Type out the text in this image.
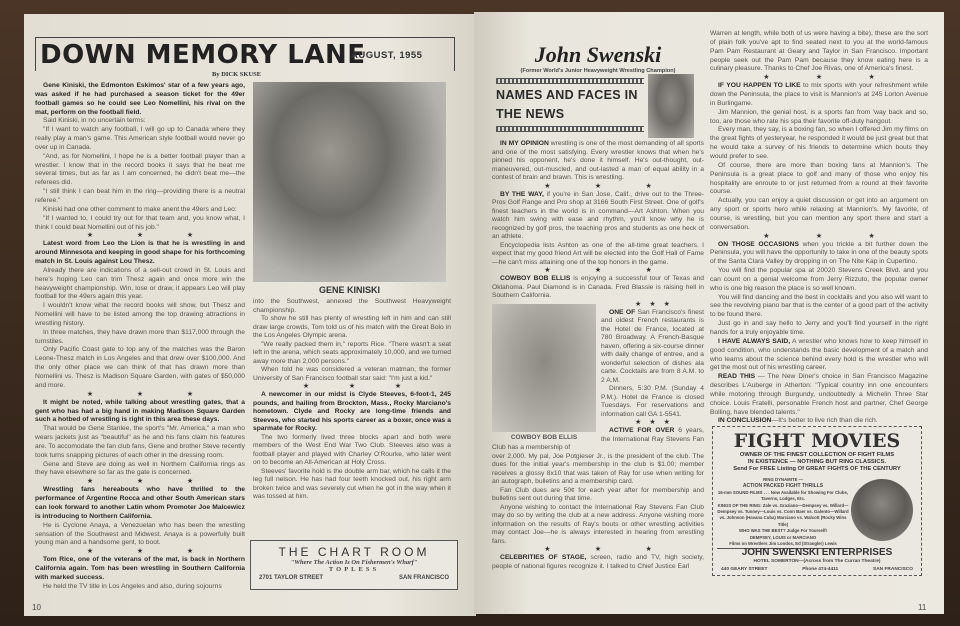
DOWN MEMORY LANE
AUGUST, 1955
By DICK SKUSE

Gene Kiniski, the Edmonton Eskimos' star of a few years ago, was asked if he had purchased a season ticket for the 49er football games so he could see Leo Nomellini, his rival on the mat, perform on the football field.

Said Kiniski, in no uncertain terms:

"If I want to watch any football, I will go up to Canada where they really play a man's game. This American style football would never go over up in Canada.

"And, as for Nomellini, I hope he is a better football player than a wrestler. I know that in the record books it says that he beat me several times, but as far as I am concerned, he didn't beat me—the referees did.

"I still think I can beat him in the ring—providing there is a neutral referee."

Kiniski had one other comment to make anent the 49ers and Leo:

"If I wanted to, I could try out for that team and, you know what, I think I could beat Nomellini out of his job."

★	★	★

Latest word from Leo the Lion is that he is wrestling in and around Minnesota and keeping in good shape for his forthcoming match in St. Louis against Lou Thesz.

Already there are indications of a sell-out crowd in St. Louis and here's hoping Leo can trim Thesz again and once more win the heavyweight championship. Win, lose or draw, it appears Leo will play football for the 49ers again this year.

I wouldn't know what the record books will show, but Thesz and Nomellini will have to be listed among the top drawing attractions in wrestling history.

In three matches, they have drawn more than $117,000 through the turnstiles.

Only Pacific Coast gate to top any of the matches was the Baron Leone-Thesz match in Los Angeles and that drew over $100,000. And the only other place we can think of that has drawn more than Nomellini vs. Thesz is Madison Square Garden, with gates of $50,000 and more.

★	★	★

It might be noted, while talking about wrestling gates, that a gent who has had a big hand in making Madison Square Garden such a hotbed of wrestling is right in this area these days.

That would be Gene Stanlee, the sport's "Mr. America," a man who wears jackets just as "beautiful" as he and his fans claim his features are. To accomodate the fan club fans, Gene and brother Steve recently took turns snapping pictures of each other in the dressing room.

Gene and Steve are doing as well in Northern California rings as they have elsewhere so far as the gate is concerned.

★	★	★

Wrestling fans hereabouts who have thrilled to the performance of Argentine Rocca and other South American stars can look forward to another Latin whom Promoter Joe Malcewicz is introducing to Northern California.

He is Cyclone Anaya, a Venezuelan who has been the wrestling sensation of the Southwest and Midwest. Anaya is a powerfully built young man and a handsome gent, to boot.

★	★	★

Tom Rice, one of the veterans of the mat, is back in Northern California again. Tom has been wrestling in Southern California with marked success.

He held the TV title in Los Angeles and also, during sojourns

GENE KINISKI

into the Southwest, annexed the Southwest Heavyweight championship.

To show he still has plenty of wrestling left in him and can still draw large crowds, Tom told us of his match with the Great Bolo in the Los Angeles Olympic arena.

"We really packed them in," reports Rice. "There wasn't a seat left in the arena, which seats approximately 10,000, and we turned away more than 2,000 persons."

When told he was considered a veteran matman, the former University of San Francisco football star said: "I'm just a kid."

★	★	★

A newcomer in our midst is Clyde Steeves, 6-foot-1, 245 pounds, and hailing from Brockton, Mass., Rocky Marciano's hometown. Clyde and Rocky are long-time friends and Steeves, who started his sports career as a boxer, once was a sparmate for Rocky.

The two formerly lived three blocks apart and both were members of the West End War Two Club. Steeves also was a football player and played with Charley O'Rourke, who later went on to become an All-American at Holy Cross.

Steeves' favorite hold is the double arm bar, which he calls it the leg full nelson. He has had four teeth knocked out, his right arm broken twice and was severely cut when he got in the way when it was tossed at him.

THE CHART ROOM
"Where The Action Is On Fishermen's Wharf"
TOPLESS
2701 TAYLOR STREET	SAN FRANCISCO
10
John Swenski
(Former World's Junior Heavyweight Wrestling Champion)
NAMES AND FACES IN THE NEWS

IN MY OPINION wrestling is one of the most demanding of all sports and one of the most satisfying. Every wrestler knows that when he's pinned his opponent, he's done it himself. He's out-thought, out-maneuvered, out-muscled, and out-lasted a man of equal ability in a contest of brain and brawn. This is wrestling.

★	★	★

BY THE WAY, if you're in San Jose, Calif., drive out to the Three-Pros Golf Range and Pro shop at 3166 South First Street. One of golf's finest teachers in the world is in command—Art Ashton. When you watch him swing with ease and rhythm, you'll know why he is recognized by golf pros, the teaching pros and students as one heck of an athlete.

Encyclopedia lists Ashton as one of the all-time great teachers. I expect that my good friend Art will be elected into the Golf Hall of Fame—he can't miss attaining one of the top honors in the game.

★	★	★

COWBOY BOB ELLIS is enjoying a successful tour of Texas and Oklahoma. Paul Diamond is in Canada. Fred Blassie is raising hell in Southern California.

COWBOY BOB ELLIS
★ ★ ★

ONE OF San Francisco's finest and oldest French restaurants is the Hotel de France, located at 780 Broadway. A French-Basque haven, offering a six-course dinner with daily change of entree, and a wonderful selection of dishes ala carte. Cocktails are from 8 A.M. to 2 A.M.

Dinners, 5:30 P.M. (Sunday 4 P.M.). Hotel de France is closed Tuesdays. For reservations and information call GA 1-5541.

★ ★ ★

ACTIVE FOR OVER 6 years, the International Ray Stevens Fan Club has a membership of

over 2,000. My pal, Joe Potgieser Jr., is the president of the club. The dues for the initial year's membership in the club is $1.00; member receives a glossy 8x10 that was taken of Ray for use when writing for an autograph, bulletins and a membership card.

Fan Club dues are 50¢ for each year after for membership and bulletins sent out during that time.

Anyone wishing to contact the International Ray Stevens Fan Club may do so by writing the club at a new address. Anyone wishing more information on the results of Ray's bouts or other wrestling activities may contact Joe—he is always interested in hearing from wrestling fans.

★	★	★

CELEBRITIES OF STAGE, screen, radio and TV, high society, people of national figures recognize it. I talked to Chief Justice Earl

Warren at length, while both of us were having a bite), these are the sort of plain folk you've apt to find seated next to you at the world-famous Pam Pam Restaurant at Geary and Taylor in San Francisco. Important people seek out the Pam Pam because they know eating here is a culinary pleasure. Thanks to Chef Joe Rivas, one of America's finest.

★	★	★

IF YOU HAPPEN TO LIKE to mix sports with your refreshment while down the Peninsula, the place to visit is Mannion's at 245 Lorton Avenue in Burlingame.

Jim Mannion, the genial host, is a sports fan from 'way back and so, too, are those who rate his spa their favorite off-duty hangout.

Every man, they say, is a boxing fan, so when I offered Jim my films on the great fights of yesteryear, he responded it would be just great but that he would take a survey of his friends to determine which bouts they would prefer to see.

Of course, there are more than boxing fans at Mannion's. The Peninsula is a great place to golf and many of those who enjoy his hospitality are enroute to or just returned from a round at their favorite course.

Actually, you can enjoy a quiet discussion or get into an argument on any sport or sports hero while relaxing at Mannion's. My favorite, of course, is wrestling, but you can mention any sport there and start a conversation.

★	★	★

ON THOSE OCCASIONS when you trickle a bit further down the Peninsula, you will have the opportunity to take in one of the beauty spots of the Santa Clara Valley by dropping in on The Nite Kap in Cupertino.

You will find the popular spa at 20020 Stevens Creek Blvd. and you can count on a genial welcome from Jerry Rizzuto, the popular owner who is one big reason the place is so well known.

You will find dancing and the best in cocktails and you also will want to see the revolving piano bar that is the center of a good part of the activity to be found there.

Just go in and say hello to Jerry and you'll find yourself in the right hands for a truly enjoyable time.

I HAVE ALWAYS SAID, A wrestler who knows how to keep himself in good condition, who understands the basic development of a match and who learns about the science behind every hold is the wrestler who will get the most out of his wrestling career.

READ THIS — The New Diner's choice in San Francisco Magazine describes L'Auberge in Atherton: "Typical country inn one encounters while motoring through Burgundy, undoubtedly a Michelin Three Star choice. Louis Fratelli, personable French host and partner, Chef George Bolling, have blended talents."

IN CONCLUSION—It's better to live rich than die rich.

FIGHT MOVIES
OWNER OF THE FINEST COLLECTION OF FIGHT FILMS
IN EXISTENCE — NOTHING BUT RING CLASSICS.
Send For FREE Listing Of GREAT FIGHTS OF THE CENTURY
RING DYNAMITE —
ACTION PACKED FIGHT THRILLS
16-mm SOUND FILMS . . . Now Available for Showing For Clubs, Taverns, Lodges, Etc.
KINGS OF THE RING: Zale vs. Graziano—Dempsey vs. Willard—Dempsey vs. Tunney—Louis vs. Conn Baer vs. Galento—Willard vs. Johnson (Havana Cuba) Marciano vs. Walcott (Rocky Wins Title)
WHO WAS THE BEST? Judge For Yourself!
DEMPSEY, LOUIS or MARCIANO
Films on Wrestlers Jim Londos, Ed (Strangler) Lewis
JOHN SWENSKI ENTERPRISES
HOTEL SOMERTON—(Across from The Curran Theatre)
440 GEARY STREET	Phone 474-4411	SAN FRANCISCO
11
